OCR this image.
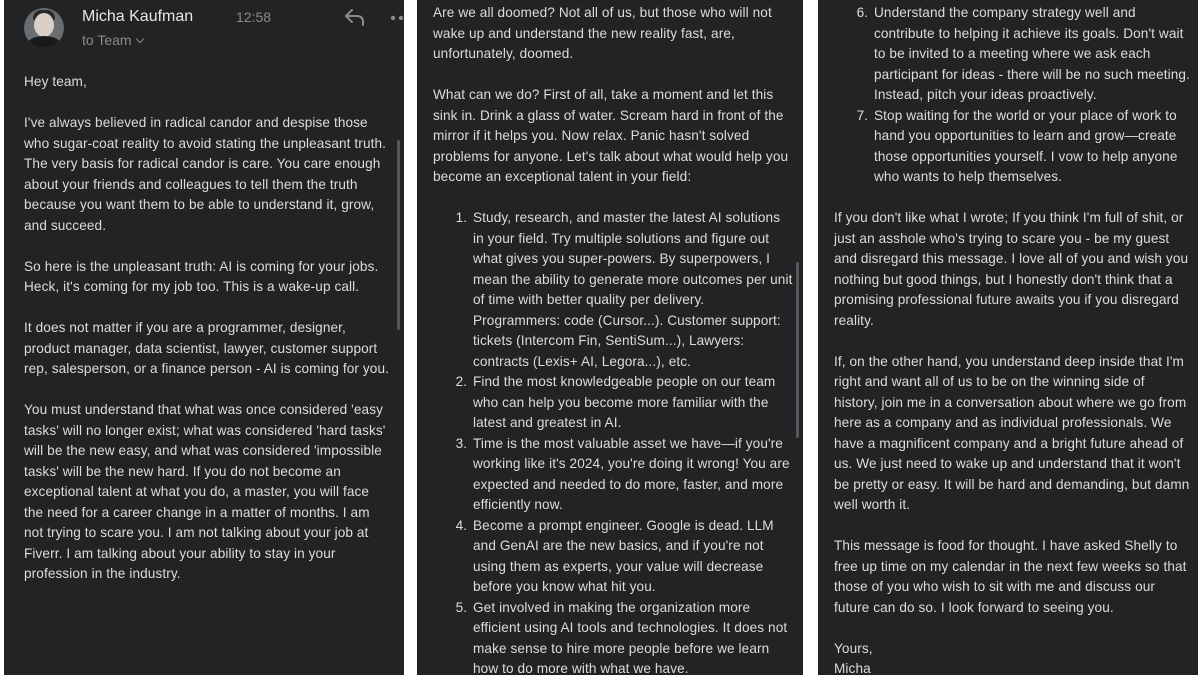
Micha Kaufman	12:58
to Team

Hey team,

I've always believed in radical candor and despise those who sugar-coat reality to avoid stating the unpleasant truth. The very basis for radical candor is care. You care enough about your friends and colleagues to tell them the truth because you want them to be able to understand it, grow, and succeed.

So here is the unpleasant truth: AI is coming for your jobs. Heck, it's coming for my job too. This is a wake-up call.

It does not matter if you are a programmer, designer, product manager, data scientist, lawyer, customer support rep, salesperson, or a finance person - AI is coming for you.

You must understand that what was once considered 'easy tasks' will no longer exist; what was considered 'hard tasks' will be the new easy, and what was considered 'impossible tasks' will be the new hard. If you do not become an exceptional talent at what you do, a master, you will face the need for a career change in a matter of months. I am not trying to scare you. I am not talking about your job at Fiverr. I am talking about your ability to stay in your profession in the industry.

Are we all doomed? Not all of us, but those who will not wake up and understand the new reality fast, are, unfortunately, doomed.

What can we do? First of all, take a moment and let this sink in. Drink a glass of water. Scream hard in front of the mirror if it helps you. Now relax. Panic hasn't solved problems for anyone. Let's talk about what would help you become an exceptional talent in your field:

1. Study, research, and master the latest AI solutions in your field. Try multiple solutions and figure out what gives you super-powers. By superpowers, I mean the ability to generate more outcomes per unit of time with better quality per delivery. Programmers: code (Cursor...). Customer support: tickets (Intercom Fin, SentiSum...), Lawyers: contracts (Lexis+ AI, Legora...), etc.
2. Find the most knowledgeable people on our team who can help you become more familiar with the latest and greatest in AI.
3. Time is the most valuable asset we have—if you're working like it's 2024, you're doing it wrong! You are expected and needed to do more, faster, and more efficiently now.
4. Become a prompt engineer. Google is dead. LLM and GenAI are the new basics, and if you're not using them as experts, your value will decrease before you know what hit you.
5. Get involved in making the organization more efficient using AI tools and technologies. It does not make sense to hire more people before we learn how to do more with what we have.
6. Understand the company strategy well and contribute to helping it achieve its goals. Don't wait to be invited to a meeting where we ask each participant for ideas - there will be no such meeting. Instead, pitch your ideas proactively.
7. Stop waiting for the world or your place of work to hand you opportunities to learn and grow—create those opportunities yourself. I vow to help anyone who wants to help themselves.

If you don't like what I wrote; If you think I'm full of shit, or just an asshole who's trying to scare you - be my guest and disregard this message. I love all of you and wish you nothing but good things, but I honestly don't think that a promising professional future awaits you if you disregard reality.

If, on the other hand, you understand deep inside that I'm right and want all of us to be on the winning side of history, join me in a conversation about where we go from here as a company and as individual professionals. We have a magnificent company and a bright future ahead of us. We just need to wake up and understand that it won't be pretty or easy. It will be hard and demanding, but damn well worth it.

This message is food for thought. I have asked Shelly to free up time on my calendar in the next few weeks so that those of you who wish to sit with me and discuss our future can do so. I look forward to seeing you.

Yours,
Micha
